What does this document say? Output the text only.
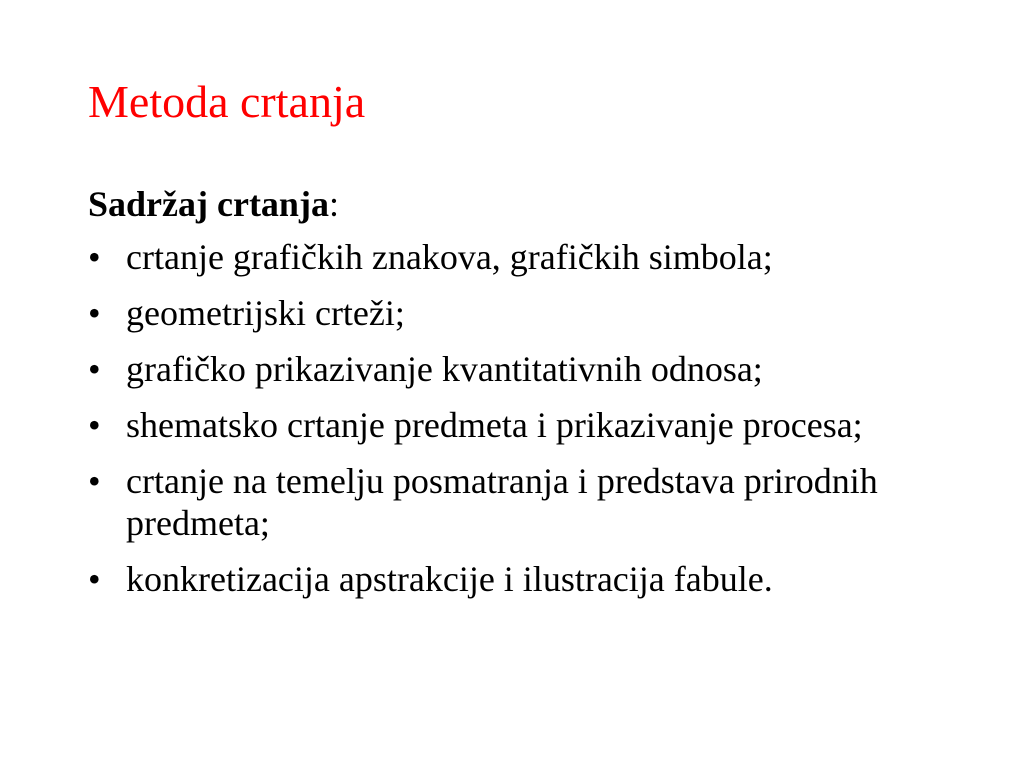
Metoda crtanja
Sadržaj crtanja:
• crtanje grafičkih znakova, grafičkih simbola;
• geometrijski crteži;
• grafičko prikazivanje kvantitativnih odnosa;
• shematsko crtanje predmeta i prikazivanje procesa;
• crtanje na temelju posmatranja i predstava prirodnih predmeta;
• konkretizacija apstrakcije i ilustracija fabule.
